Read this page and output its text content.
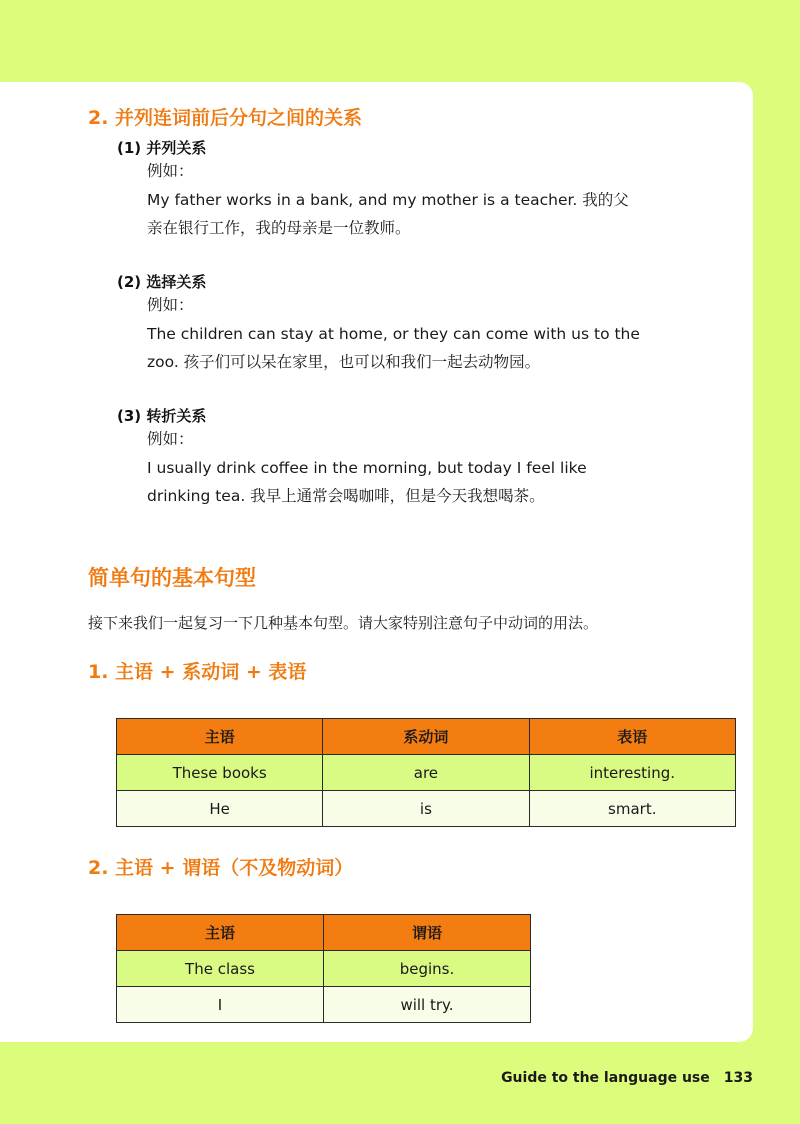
2. 并列连词前后分句之间的关系
(1) 并列关系
例如：
My father works in a bank, and my mother is a teacher. 我的父
亲在银行工作，我的母亲是一位教师。
(2) 选择关系
例如：
The children can stay at home, or they can come with us to the
zoo. 孩子们可以呆在家里，也可以和我们一起去动物园。
(3) 转折关系
例如：
I usually drink coffee in the morning, but today I feel like
drinking tea. 我早上通常会喝咖啡，但是今天我想喝茶。
简单句的基本句型
接下来我们一起复习一下几种基本句型。请大家特别注意句子中动词的用法。
1. 主语 + 系动词 + 表语
主语	系动词	表语
These books	are	interesting.
He	is	smart.
2. 主语 + 谓语（不及物动词）
主语	谓语
The class	begins.
I	will try.
Guide to the language use 133
